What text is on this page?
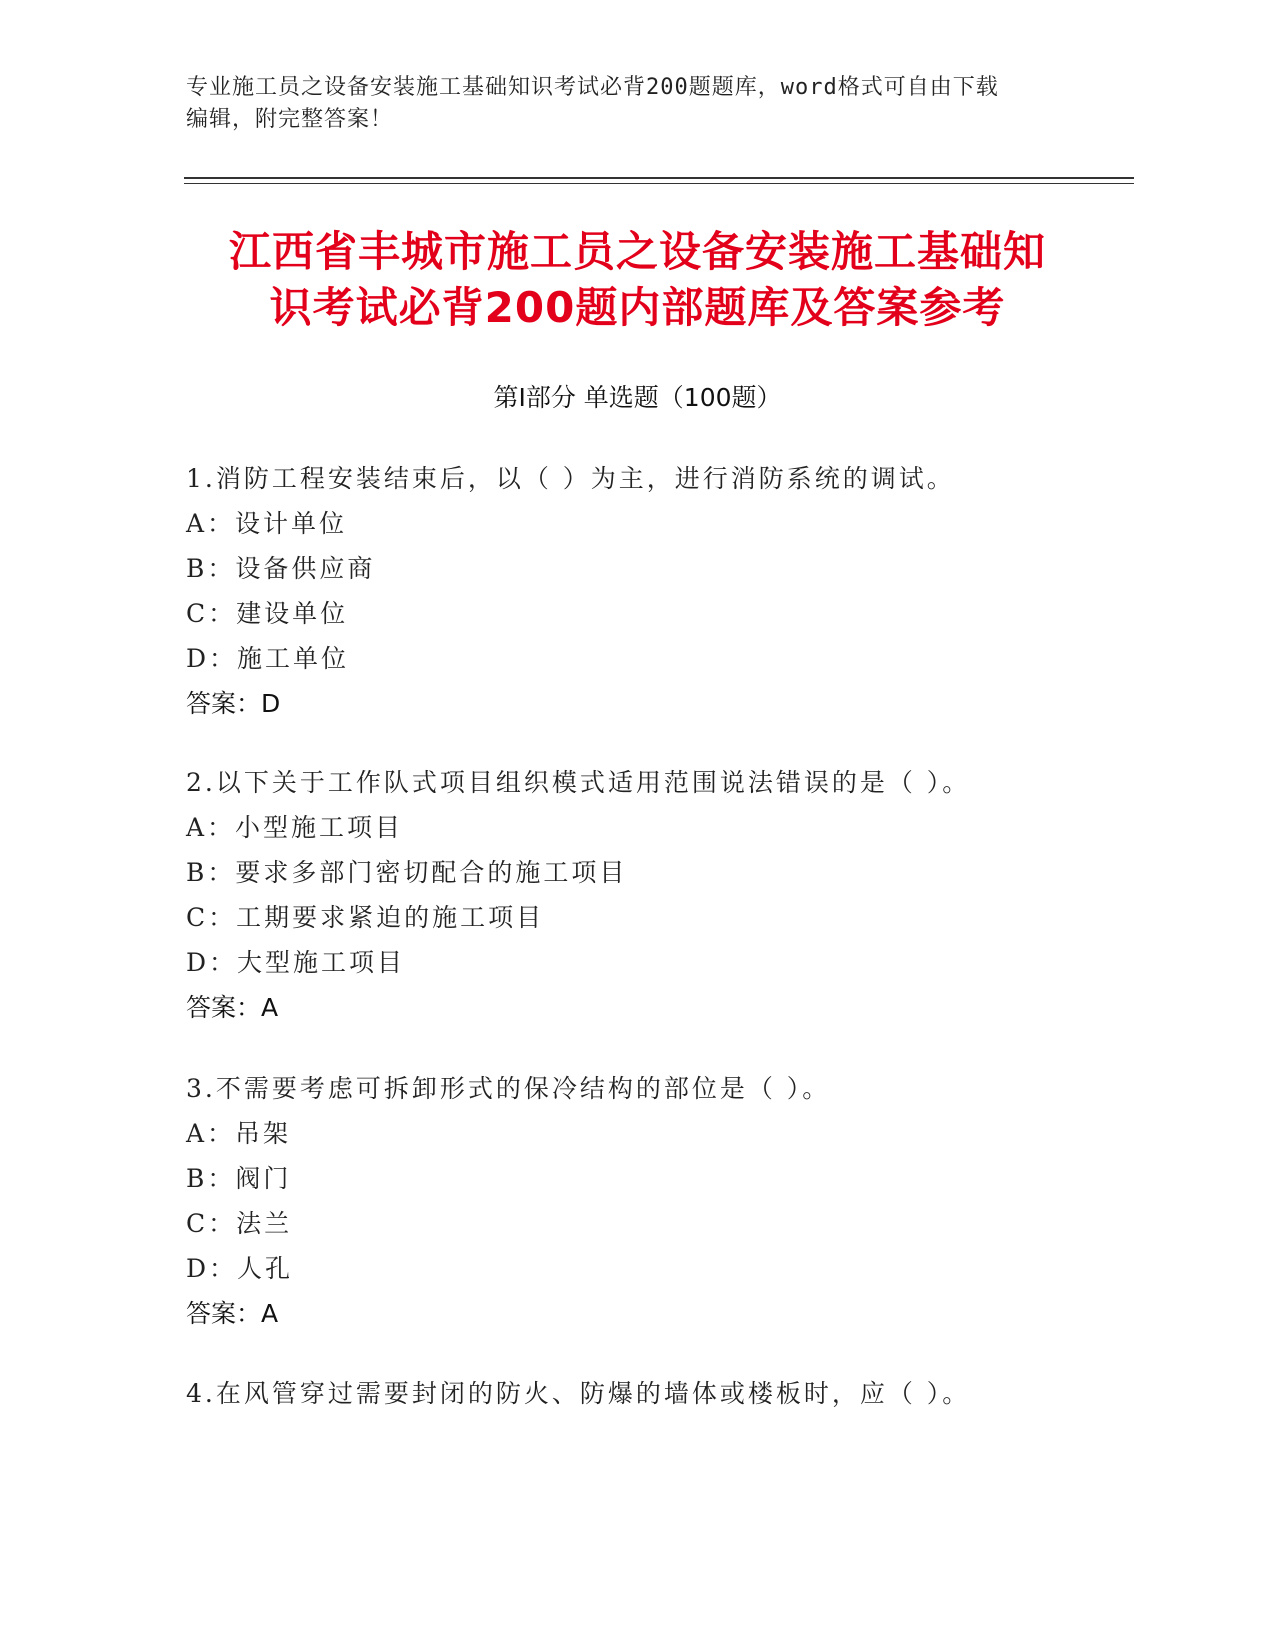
专业施工员之设备安装施工基础知识考试必背200题题库，word格式可自由下载
编辑，附完整答案！
江西省丰城市施工员之设备安装施工基础知
识考试必背200题内部题库及答案参考
第I部分 单选题（100题）
1.消防工程安装结束后，以（ ）为主，进行消防系统的调试。
A：设计单位
B：设备供应商
C：建设单位
D：施工单位
答案：D
2.以下关于工作队式项目组织模式适用范围说法错误的是（ ）。
A：小型施工项目
B：要求多部门密切配合的施工项目
C：工期要求紧迫的施工项目
D：大型施工项目
答案：A
3.不需要考虑可拆卸形式的保冷结构的部位是（ ）。
A：吊架
B：阀门
C：法兰
D：人孔
答案：A
4.在风管穿过需要封闭的防火、防爆的墙体或楼板时，应（ ）。
